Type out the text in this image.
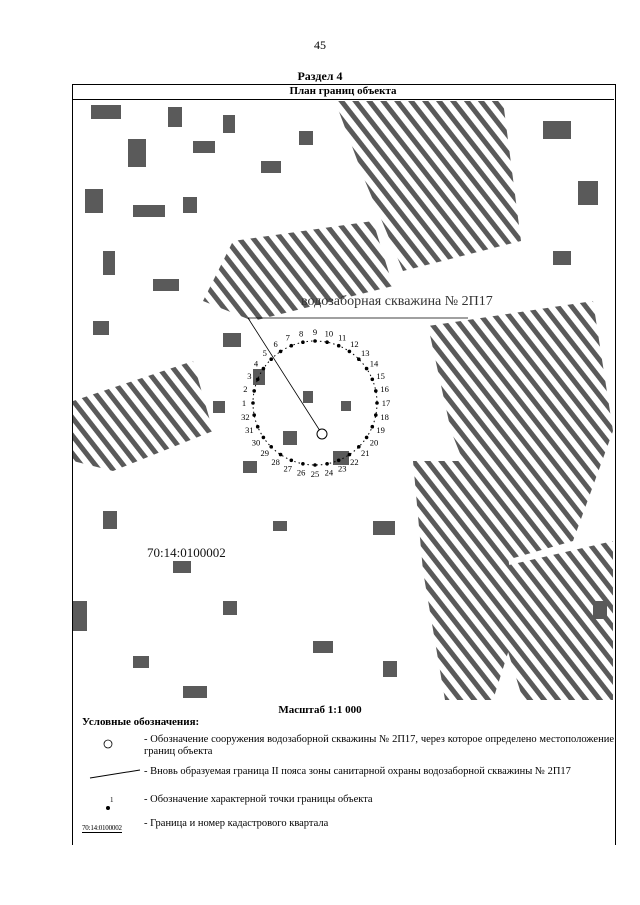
45
Раздел 4
План границ объекта
водозаборная скважина № 2П17
70:14:0100002
1
2
3
4
5
6
7 8 9 10 11
12
13
14
15
16
17
18
19
20
21
22
23
24
25
26
27
28
29
30
31
32
Масштаб 1:1 000
Условные обозначения:
- Обозначение сооружения водозаборной скважины № 2П17, через которое определено местоположение границ объекта
- Вновь образуемая граница II пояса зоны санитарной охраны водозаборной скважины № 2П17
1	- Обозначение характерной точки границы объекта
70:14:0100002 - Граница и номер кадастрового квартала
